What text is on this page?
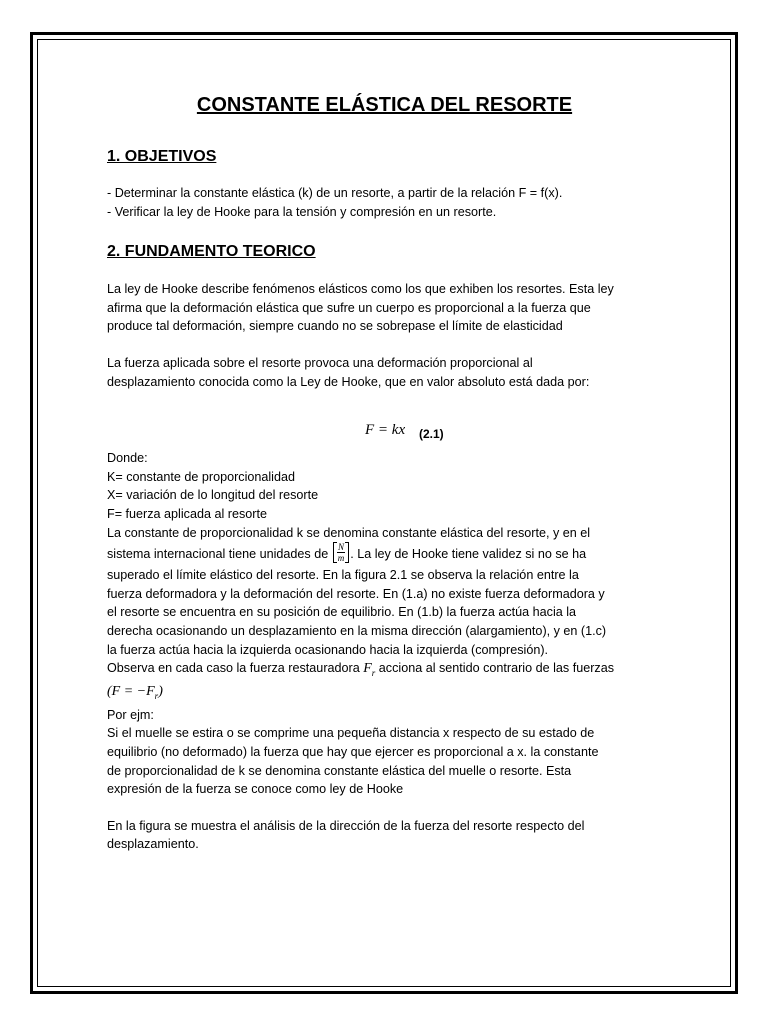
CONSTANTE ELÁSTICA DEL RESORTE
1. OBJETIVOS

- Determinar la constante elástica (k) de un resorte, a partir de la relación F = f(x).
- Verificar la ley de Hooke para la tensión y compresión en un resorte.

2. FUNDAMENTO TEORICO

La ley de Hooke describe fenómenos elásticos como los que exhiben los resortes. Esta ley
afirma que la deformación elástica que sufre un cuerpo es proporcional a la fuerza que
produce tal deformación, siempre cuando no se sobrepase el límite de elasticidad

La fuerza aplicada sobre el resorte provoca una deformación proporcional al
desplazamiento conocida como la Ley de Hooke, que en valor absoluto está dada por:

F = kx (2.1)

Donde:
K= constante de proporcionalidad
X= variación de lo longitud del resorte
F= fuerza aplicada al resorte
La constante de proporcionalidad k se denomina constante elástica del resorte, y en el
sistema internacional tiene unidades de $\frac{N}{m}$ . La ley de Hooke tiene validez si no se ha
superado el límite elástico del resorte. En la figura 2.1 se observa la relación entre la
fuerza deformadora y la deformación del resorte. En (1.a) no existe fuerza deformadora y
el resorte se encuentra en su posición de equilibrio. En (1.b) la fuerza actúa hacia la
derecha ocasionando un desplazamiento en la misma dirección (alargamiento), y en (1.c)
la fuerza actúa hacia la izquierda ocasionando hacia la izquierda (compresión).
Observa en cada caso la fuerza restauradora $F_r$ acciona al sentido contrario de las fuerzas
$(F = -F_r)$
Por ejm:
Si el muelle se estira o se comprime una pequeña distancia x respecto de su estado de
equilibrio (no deformado) la fuerza que hay que ejercer es proporcional a x. la constante
de proporcionalidad de k se denomina constante elástica del muelle o resorte. Esta
expresión de la fuerza se conoce como ley de Hooke

En la figura se muestra el análisis de la dirección de la fuerza del resorte respecto del
desplazamiento.
